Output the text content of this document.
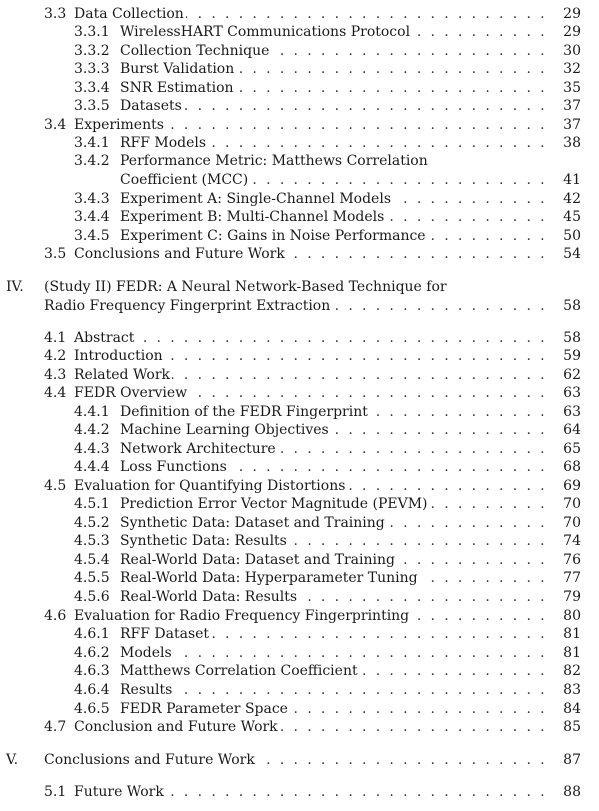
. . .
3.3 Data Collection	29
. . .
3.3.1 WirelessHART Communications Protocol	29
. . .
3.3.2 Collection Technique	30
. . .
3.3.3 Burst Validation	32
. . .
3.3.4 SNR Estimation	35
. . .
3.3.5 Datasets	37
. . .
3.4 Experiments	37
. . .
3.4.1 RFF Models	38
3.4.2 Performance Metric: Matthews Correlation
. . .
Coefficient (MCC)	41
. . .
3.4.3 Experiment A: Single-Channel Models	42
. . .
3.4.4 Experiment B: Multi-Channel Models	45
. . .
3.4.5 Experiment C: Gains in Noise Performance	50
. . .
3.5 Conclusions and Future Work	54
IV. (Study II) FEDR: A Neural Network-Based Technique for
. . .
Radio Frequency Fingerprint Extraction	58
. . .
4.1 Abstract	58
. . .
4.2 Introduction	59
. . .
4.3 Related Work	62
. . .
4.4 FEDR Overview	63
. . .
4.4.1 Definition of the FEDR Fingerprint	63
. . .
4.4.2 Machine Learning Objectives	64
. . .
4.4.3 Network Architecture	65
. . .
4.4.4 Loss Functions	68
. . .
4.5 Evaluation for Quantifying Distortions	69
. . .
4.5.1 Prediction Error Vector Magnitude (PEVM)	70
. . .
4.5.2 Synthetic Data: Dataset and Training	70
. . .
4.5.3 Synthetic Data: Results	74
. . .
4.5.4 Real-World Data: Dataset and Training	76
. . .
4.5.5 Real-World Data: Hyperparameter Tuning	77
. . .
4.5.6 Real-World Data: Results	79
. . .
4.6 Evaluation for Radio Frequency Fingerprinting	80
. . .
4.6.1 RFF Dataset	81
. . .
4.6.2 Models	81
. . .
4.6.3 Matthews Correlation Coefficient	82
. . .
4.6.4 Results	83
. . .
4.6.5 FEDR Parameter Space	84
. . .
4.7 Conclusion and Future Work	85
. . .
V. Conclusions and Future Work	87
. . .
5.1 Future Work	88
